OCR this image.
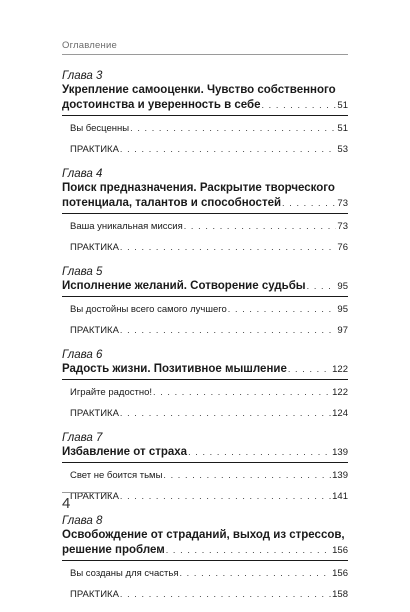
Оглавление
Глава 3
Укрепление самооценки. Чувство собственного
достоинства и уверенность в себе . . .	51
Вы бесценны . . .	51
ПРАКТИКА . . .	53
Глава 4
Поиск предназначения. Раскрытие творческого
потенциала, талантов и способностей . . .	73
Ваша уникальная миссия . . .	73
ПРАКТИКА . . .	76
Глава 5
Исполнение желаний. Сотворение судьбы . . .	95
Вы достойны всего самого лучшего . . .	95
ПРАКТИКА . . .	97
Глава 6
Радость жизни. Позитивное мышление . . .	122
Играйте радостно! . . .	122
ПРАКТИКА . . .	124
Глава 7
Избавление от страха . . .	139
Свет не боится тьмы . . .	139
ПРАКТИКА . . .	141
Глава 8
Освобождение от страданий, выход из стрессов,
решение проблем . . .	156
Вы созданы для счастья . . .	156
ПРАКТИКА . . .	158
4
